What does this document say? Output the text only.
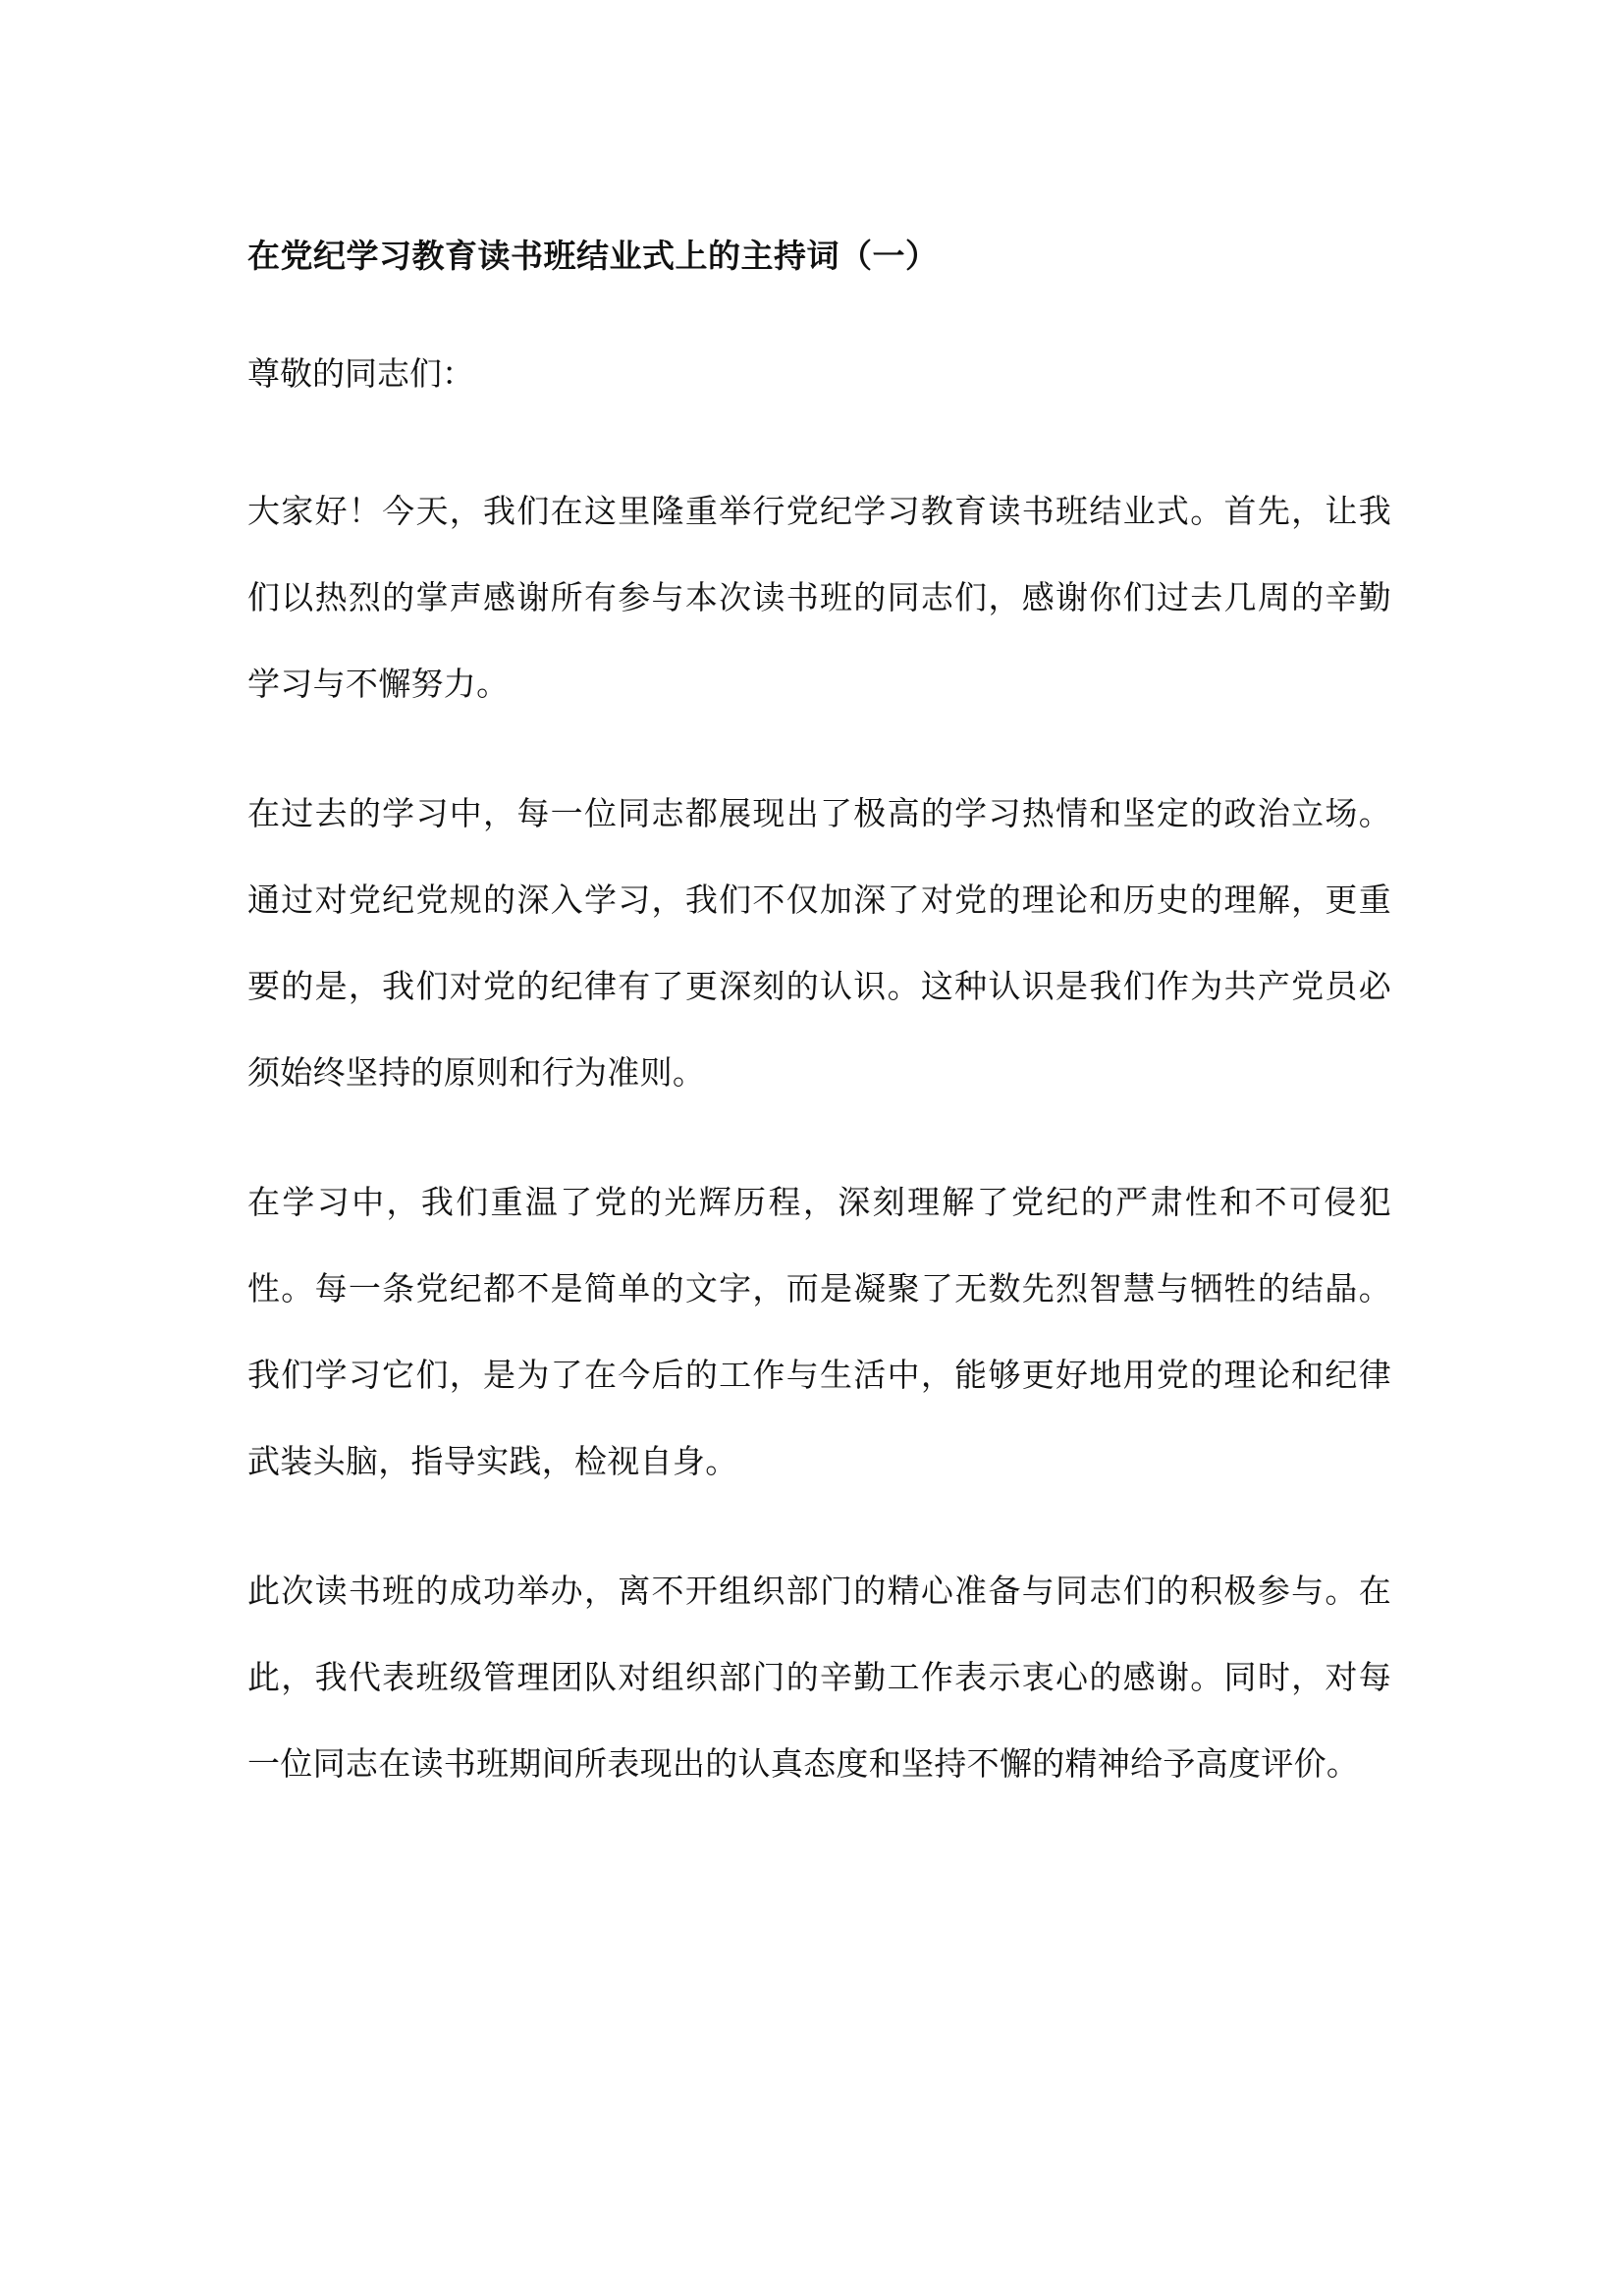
在党纪学习教育读书班结业式上的主持词（一）
尊敬的同志们：
大家好！今天，我们在这里隆重举行党纪学习教育读书班结业式。首先，让我们以热烈的掌声感谢所有参与本次读书班的同志们，感谢你们过去几周的辛勤学习与不懈努力。
在过去的学习中，每一位同志都展现出了极高的学习热情和坚定的政治立场。通过对党纪党规的深入学习，我们不仅加深了对党的理论和历史的理解，更重要的是，我们对党的纪律有了更深刻的认识。这种认识是我们作为共产党员必须始终坚持的原则和行为准则。
在学习中，我们重温了党的光辉历程，深刻理解了党纪的严肃性和不可侵犯性。每一条党纪都不是简单的文字，而是凝聚了无数先烈智慧与牺牲的结晶。我们学习它们，是为了在今后的工作与生活中，能够更好地用党的理论和纪律武装头脑，指导实践，检视自身。
此次读书班的成功举办，离不开组织部门的精心准备与同志们的积极参与。在此，我代表班级管理团队对组织部门的辛勤工作表示衷心的感谢。同时，对每一位同志在读书班期间所表现出的认真态度和坚持不懈的精神给予高度评价。
